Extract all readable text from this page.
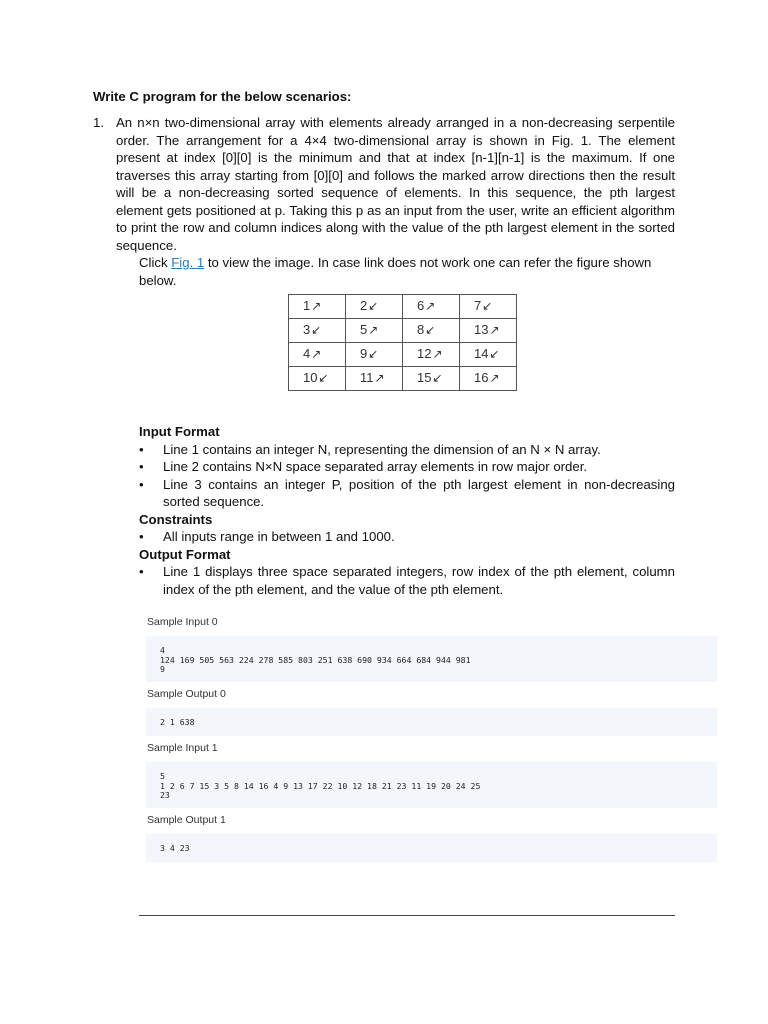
Write C program for the below scenarios:
1. An n×n two-dimensional array with elements already arranged in a non-decreasing serpentile order. The arrangement for a 4×4 two-dimensional array is shown in Fig. 1. The element present at index [0][0] is the minimum and that at index [n-1][n-1] is the maximum. If one traverses this array starting from [0][0] and follows the marked arrow directions then the result will be a non-decreasing sorted sequence of elements. In this sequence, the pth largest element gets positioned at p. Taking this p as an input from the user, write an efficient algorithm to print the row and column indices along with the value of the pth largest element in the sorted sequence.
Click Fig. 1 to view the image. In case link does not work one can refer the figure shown below.
1↗	2↙	6↗	7↙
3↙	5↗	8↙	13↗
4↗	9↙	12↗	14↙
10↙	11↗	15↙	16↗
Input Format
• Line 1 contains an integer N, representing the dimension of an N × N array.
• Line 2 contains N×N space separated array elements in row major order.
• Line 3 contains an integer P, position of the pth largest element in non-decreasing sorted sequence.
Constraints
• All inputs range in between 1 and 1000.
Output Format
• Line 1 displays three space separated integers, row index of the pth element, column index of the pth element, and the value of the pth element.
Sample Input 0
4
124 169 505 563 224 278 585 803 251 638 690 934 664 684 944 981
9
Sample Output 0
2 1 638
Sample Input 1
5
1 2 6 7 15 3 5 8 14 16 4 9 13 17 22 10 12 18 21 23 11 19 20 24 25
23
Sample Output 1
3 4 23
